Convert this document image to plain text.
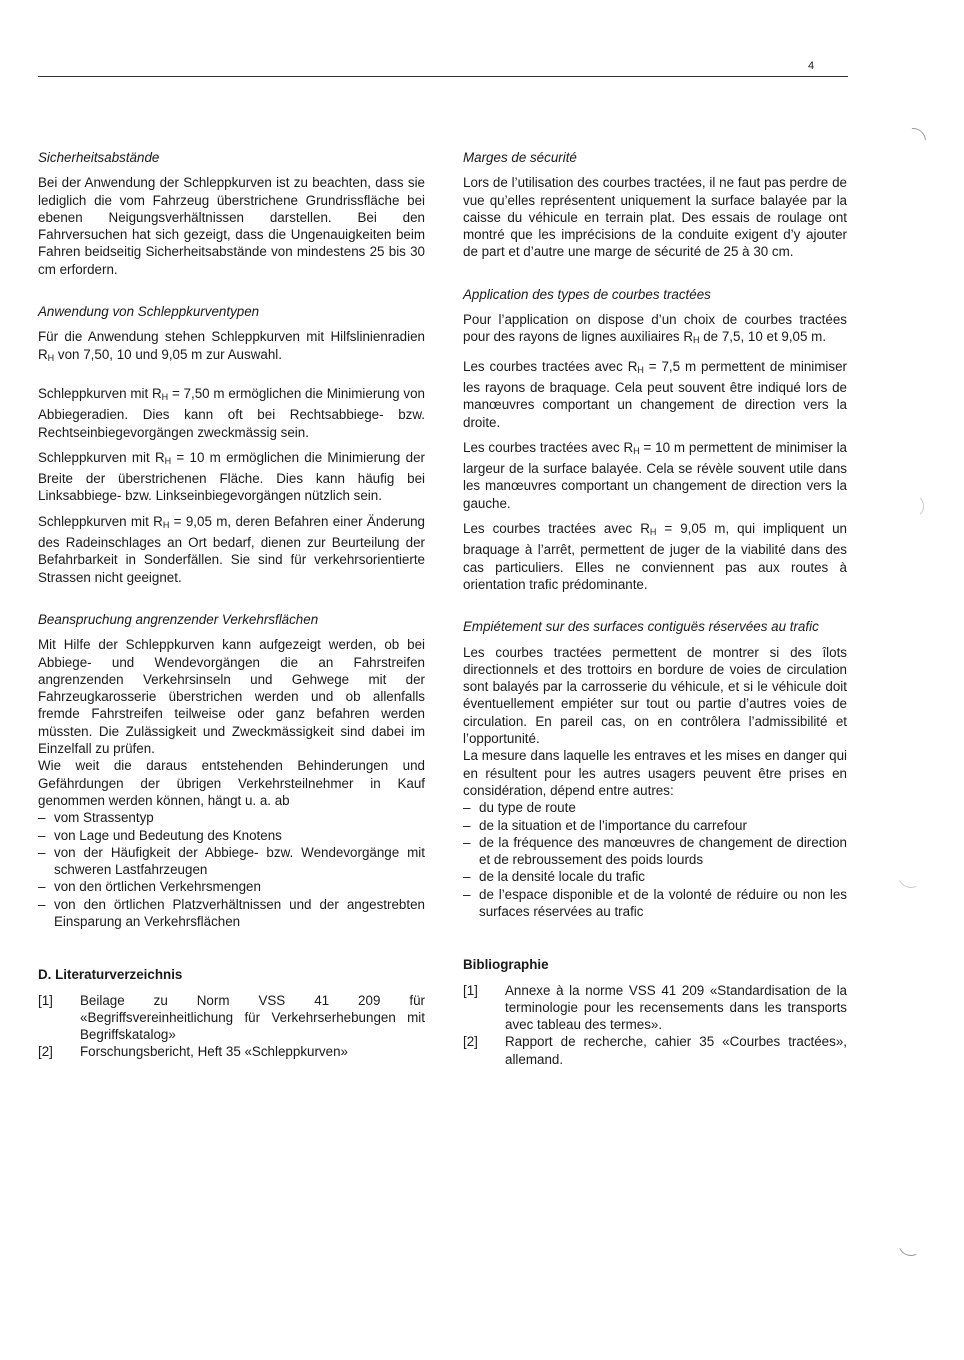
4
Sicherheitsabstände

Bei der Anwendung der Schleppkurven ist zu beachten, dass sie lediglich die vom Fahrzeug überstrichene Grundrissfläche bei ebenen Neigungsverhältnissen darstellen. Bei den Fahrversuchen hat sich gezeigt, dass die Ungenauigkeiten beim Fahren beidseitig Sicherheitsabstände von mindestens 25 bis 30 cm erfordern.

Anwendung von Schleppkurventypen

Für die Anwendung stehen Schleppkurven mit Hilfslinienradien $R_H$ von 7,50, 10 und 9,05 m zur Auswahl.

Schleppkurven mit $R_H = 7,50$ m ermöglichen die Minimierung von Abbiegeradien. Dies kann oft bei Rechtsabbiege- bzw. Rechtseinbiegevorgängen zweckmässig sein.

Schleppkurven mit $R_H = 10$ m ermöglichen die Minimierung der Breite der überstrichenen Fläche. Dies kann häufig bei Linksabbiege- bzw. Linkseinbiegevorgängen nützlich sein.

Schleppkurven mit $R_H = 9,05$ m, deren Befahren einer Änderung des Radeinschlages an Ort bedarf, dienen zur Beurteilung der Befahrbarkeit in Sonderfällen. Sie sind für verkehrsorientierte Strassen nicht geeignet.

Beanspruchung angrenzender Verkehrsflächen

Mit Hilfe der Schleppkurven kann aufgezeigt werden, ob bei Abbiege- und Wendevorgängen die an Fahrstreifen angrenzenden Verkehrsinseln und Gehwege mit der Fahrzeugkarosserie überstrichen werden und ob allenfalls fremde Fahrstreifen teilweise oder ganz befahren werden müssten. Die Zulässigkeit und Zweckmässigkeit sind dabei im Einzelfall zu prüfen.

Wie weit die daraus entstehenden Behinderungen und Gefährdungen der übrigen Verkehrsteilnehmer in Kauf genommen werden können, hängt u. a. ab

– vom Strassentyp
– von Lage und Bedeutung des Knotens
– von der Häufigkeit der Abbiege- bzw. Wendevorgänge mit schweren Lastfahrzeugen
– von den örtlichen Verkehrsmengen
– von den örtlichen Platzverhältnissen und der angestrebten Einsparung an Verkehrsflächen
D. Literaturverzeichnis
[1] Beilage zu Norm VSS 41 209 für «Begriffsvereinheitlichung für Verkehrserhebungen mit Begriffskatalog»
[2] Forschungsbericht, Heft 35 «Schleppkurven»
Marges de sécurité

Lors de l’utilisation des courbes tractées, il ne faut pas perdre de vue qu’elles représentent uniquement la surface balayée par la caisse du véhicule en terrain plat. Des essais de roulage ont montré que les imprécisions de la conduite exigent d’y ajouter de part et d’autre une marge de sécurité de 25 à 30 cm.

Application des types de courbes tractées

Pour l’application on dispose d’un choix de courbes tractées pour des rayons de lignes auxiliaires $R_H$ de 7,5, 10 et 9,05 m.

Les courbes tractées avec $R_H = 7,5$ m permettent de minimiser les rayons de braquage. Cela peut souvent être indiqué lors de manœuvres comportant un changement de direction vers la droite.

Les courbes tractées avec $R_H = 10$ m permettent de minimiser la largeur de la surface balayée. Cela se révèle souvent utile dans les manœuvres comportant un changement de direction vers la gauche.

Les courbes tractées avec $R_H = 9,05$ m, qui impliquent un braquage à l’arrêt, permettent de juger de la viabilité dans des cas particuliers. Elles ne conviennent pas aux routes à orientation trafic prédominante.

Empiétement sur des surfaces contiguës réservées au trafic

Les courbes tractées permettent de montrer si des îlots directionnels et des trottoirs en bordure de voies de circulation sont balayés par la carrosserie du véhicule, et si le véhicule doit éventuellement empiéter sur tout ou partie d’autres voies de circulation. En pareil cas, on en contrôlera l’admissibilité et l’opportunité.

La mesure dans laquelle les entraves et les mises en danger qui en résultent pour les autres usagers peuvent être prises en considération, dépend entre autres:

– du type de route
– de la situation et de l’importance du carrefour
– de la fréquence des manœuvres de changement de direction et de rebroussement des poids lourds
– de la densité locale du trafic
– de l’espace disponible et de la volonté de réduire ou non les surfaces réservées au trafic
Bibliographie
[1] Annexe à la norme VSS 41 209 «Standardisation de la terminologie pour les recensements dans les transports avec tableau des termes».
[2] Rapport de recherche, cahier 35 «Courbes tractées», allemand.
